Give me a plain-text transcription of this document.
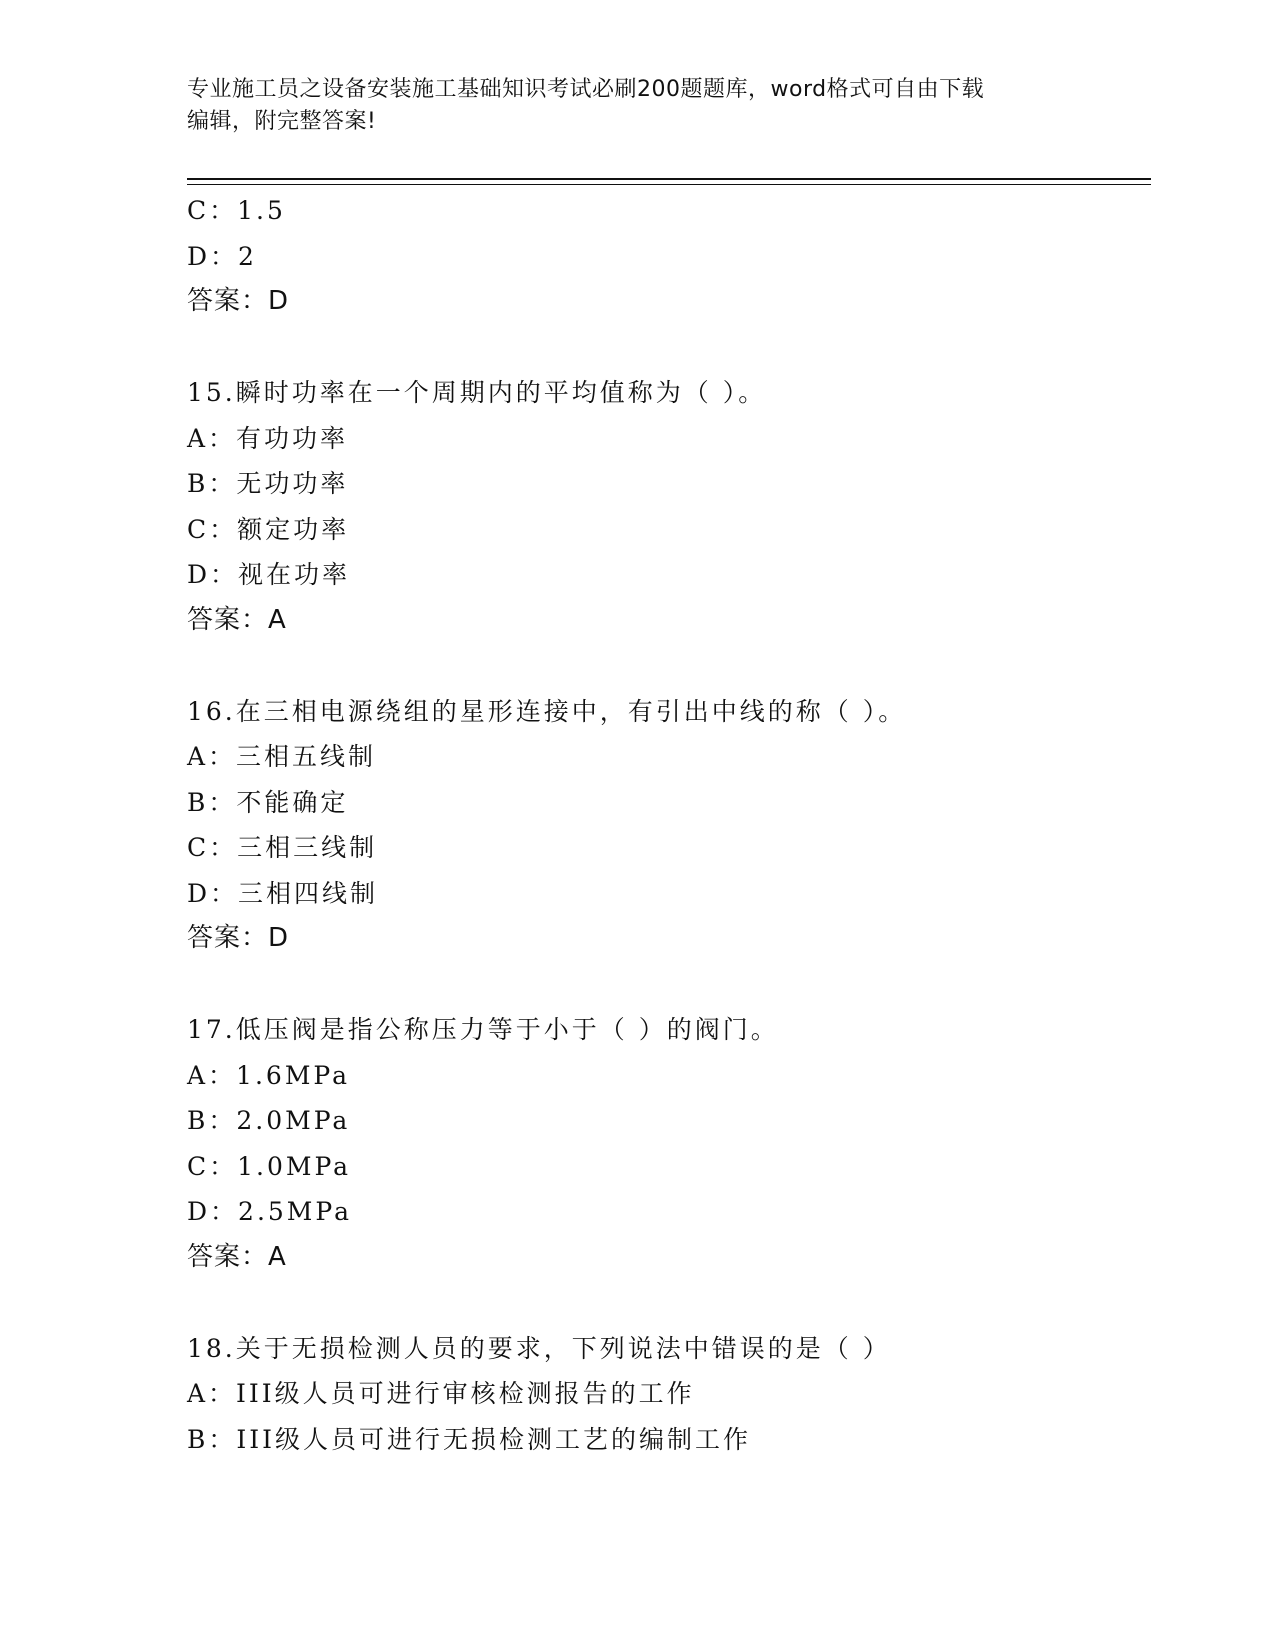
专业施工员之设备安装施工基础知识考试必刷200题题库，word格式可自由下载
编辑，附完整答案!
C：1.5
D：2
答案：D
15.瞬时功率在一个周期内的平均值称为（ ）。
A：有功功率
B：无功功率
C：额定功率
D：视在功率
答案：A
16.在三相电源绕组的星形连接中，有引出中线的称（ ）。
A：三相五线制
B：不能确定
C：三相三线制
D：三相四线制
答案：D
17.低压阀是指公称压力等于小于（ ）的阀门。
A：1.6MPa
B：2.0MPa
C：1.0MPa
D：2.5MPa
答案：A
18.关于无损检测人员的要求，下列说法中错误的是（ ）
A：III级人员可进行审核检测报告的工作
B：III级人员可进行无损检测工艺的编制工作
